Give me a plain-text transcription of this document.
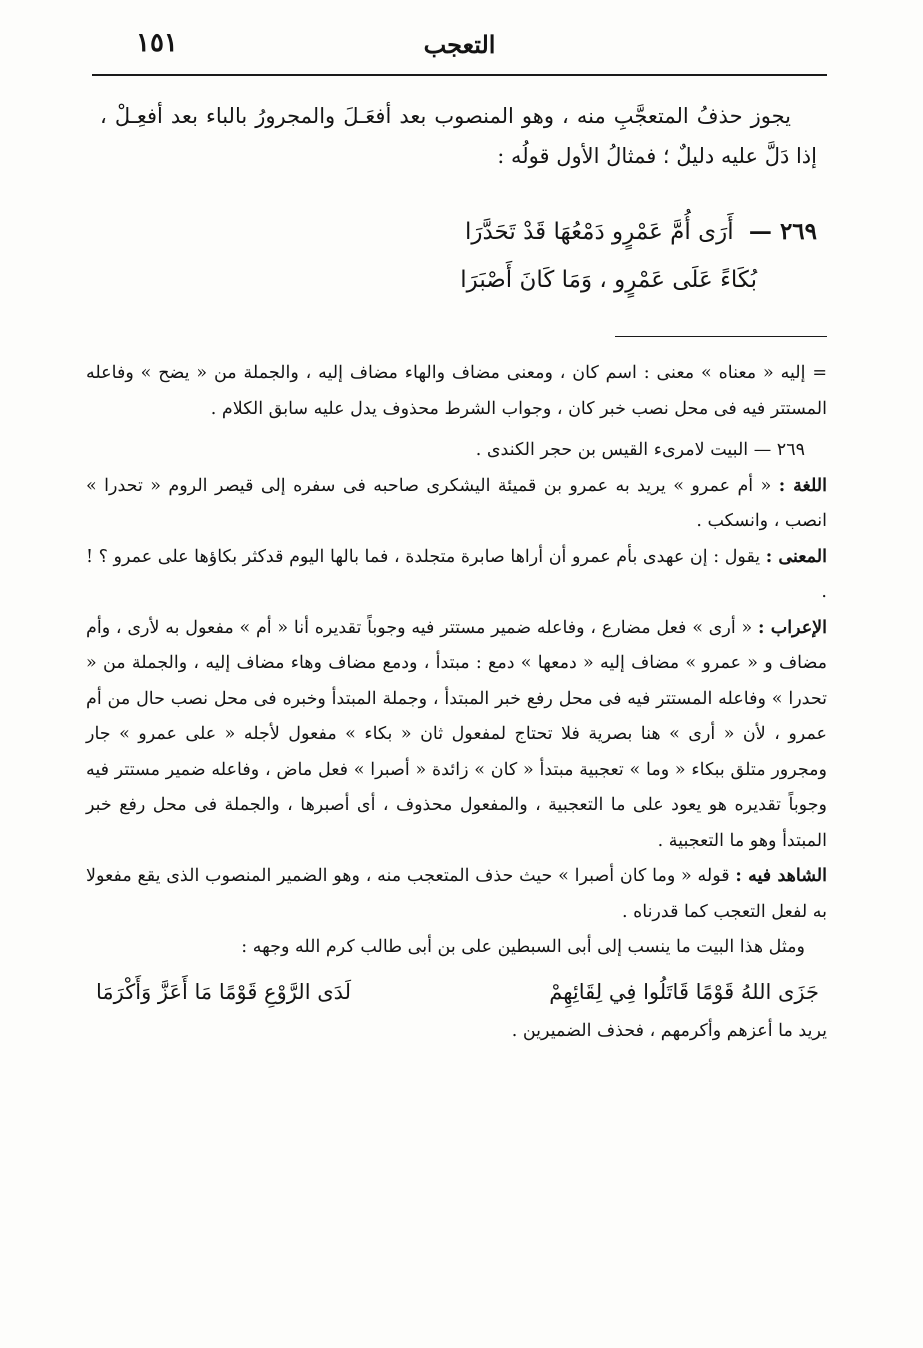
١٥١	التعجب

يجوز حذفُ المتعجَّبِ منه ، وهو المنصوب بعد أفعَـلَ والمجرورُ بالباء بعد أفعِـلْ ، إذا دَلَّ عليه دليلٌ ؛ فمثالُ الأول قولُه :

٢٦٩ — أَرَى أُمَّ عَمْرٍو دَمْعُهَا قَدْ تَحَدَّرَا
بُكَاءً عَلَى عَمْرٍو ، وَمَا كَانَ أَصْبَرَا

= إليه « معناه » معنى : اسم كان ، ومعنى مضاف والهاء مضاف إليه ، والجملة من « يضح » وفاعله المستتر فيه فى محل نصب خبر كان ، وجواب الشرط محذوف يدل عليه سابق الكلام .

٢٦٩ — البيت لامرىء القيس بن حجر الكندى .

اللغة : « أم عمرو » يريد به عمرو بن قميئة اليشكرى صاحبه فى سفره إلى قيصر الروم « تحدرا » انصب ، وانسكب .

المعنى : يقول : إن عهدى بأم عمرو أن أراها صابرة متجلدة ، فما بالها اليوم قدكثر بكاؤها على عمرو ؟ ! .

الإعراب : « أرى » فعل مضارع ، وفاعله ضمير مستتر فيه وجوباً تقديره أنا « أم » مفعول به لأرى ، وأم مضاف و « عمرو » مضاف إليه « دمعها » دمع : مبتدأ ، ودمع مضاف وهاء مضاف إليه ، والجملة من « تحدرا » وفاعله المستتر فيه فى محل رفع خبر المبتدأ ، وجملة المبتدأ وخبره فى محل نصب حال من أم عمرو ، لأن « أرى » هنا بصرية فلا تحتاج لمفعول ثان « بكاء » مفعول لأجله « على عمرو » جار ومجرور متلق ببكاء « وما » تعجبية مبتدأ « كان » زائدة « أصبرا » فعل ماض ، وفاعله ضمير مستتر فيه وجوباً تقديره هو يعود على ما التعجبية ، والمفعول محذوف ، أى أصبرها ، والجملة فى محل رفع خبر المبتدأ وهو ما التعجبية .

الشاهد فيه : قوله « وما كان أصبرا » حيث حذف المتعجب منه ، وهو الضمير المنصوب الذى يقع مفعولا به لفعل التعجب كما قدرناه .

ومثل هذا البيت ما ينسب إلى أبى السبطين على بن أبى طالب كرم الله وجهه :

جَزَى اللهُ قَوْمًا قَاتَلُوا فِي لِقَائِهِمْ
لَدَى الرَّوْعِ قَوْمًا مَا أَعَزَّ وَأَكْرَمَا

يريد ما أعزهم وأكرمهم ، فحذف الضميرين .
